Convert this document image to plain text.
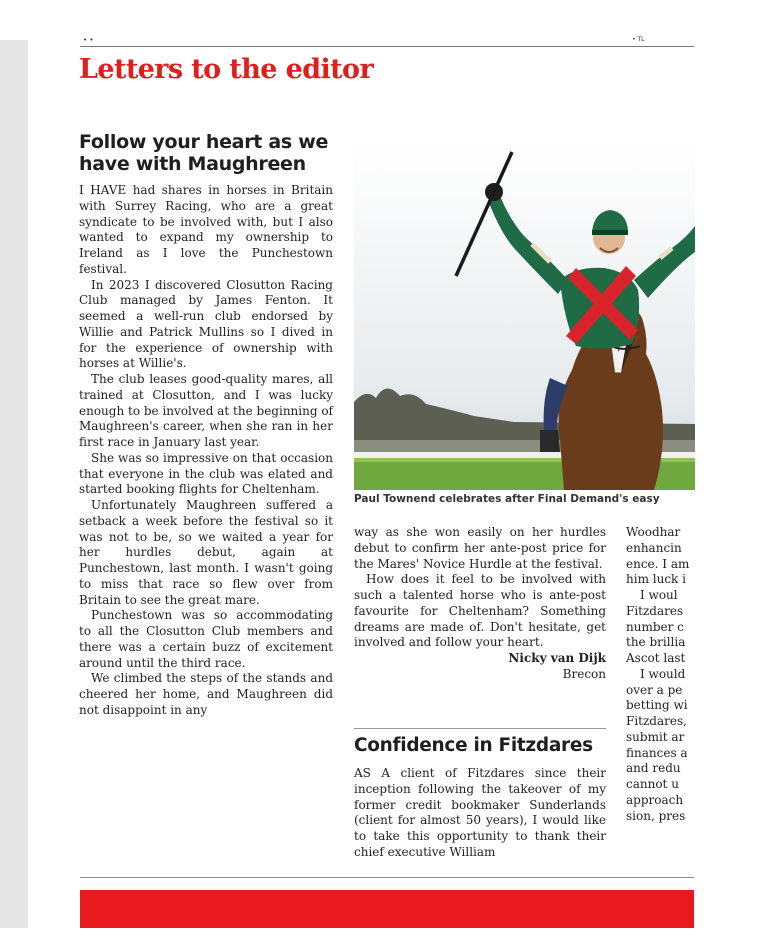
• •	• TL
Letters to the editor
Follow your heart as we have with Maughreen

I HAVE had shares in horses in Britain with Surrey Racing, who are a great syndicate to be involved with, but I also wanted to expand my ownership to Ireland as I love the Punchestown festival.

In 2023 I discovered Closutton Racing Club managed by James Fenton. It seemed a well-run club endorsed by Willie and Patrick Mullins so I dived in for the experience of ownership with horses at Willie's.

The club leases good-quality mares, all trained at Closutton, and I was lucky enough to be involved at the beginning of Maughreen's career, when she ran in her first race in January last year.

She was so impressive on that occasion that everyone in the club was elated and started booking flights for Cheltenham.

Unfortunately Maughreen suffered a setback a week before the festival so it was not to be, so we waited a year for her hurdles debut, again at Punchestown, last month. I wasn't going to miss that race so flew over from Britain to see the great mare.

Punchestown was so accommodating to all the Closutton Club members and there was a certain buzz of excitement around until the third race.

We climbed the steps of the stands and cheered her home, and Maughreen did not disappoint in any

Paul Townend celebrates after Final Demand's easy

way as she won easily on her hurdles debut to confirm her ante-post price for the Mares' Novice Hurdle at the festival.

How does it feel to be involved with such a talented horse who is ante-post favourite for Cheltenham? Something dreams are made of. Don't hesitate, get involved and follow your heart.

Nicky van Dijk

Brecon

Confidence in Fitzdares

AS A client of Fitzdares since their inception following the takeover of my former credit bookmaker Sunderlands (client for almost 50 years), I would like to take this opportunity to thank their chief executive William

Woodhar

enhancin

ence. I am

him luck i

I woul

Fitzdares

number c

the brillia

Ascot last

I would

over a pe

betting wi

Fitzdares,

submit ar

finances a

and redu

cannot u

approach

sion, pres
